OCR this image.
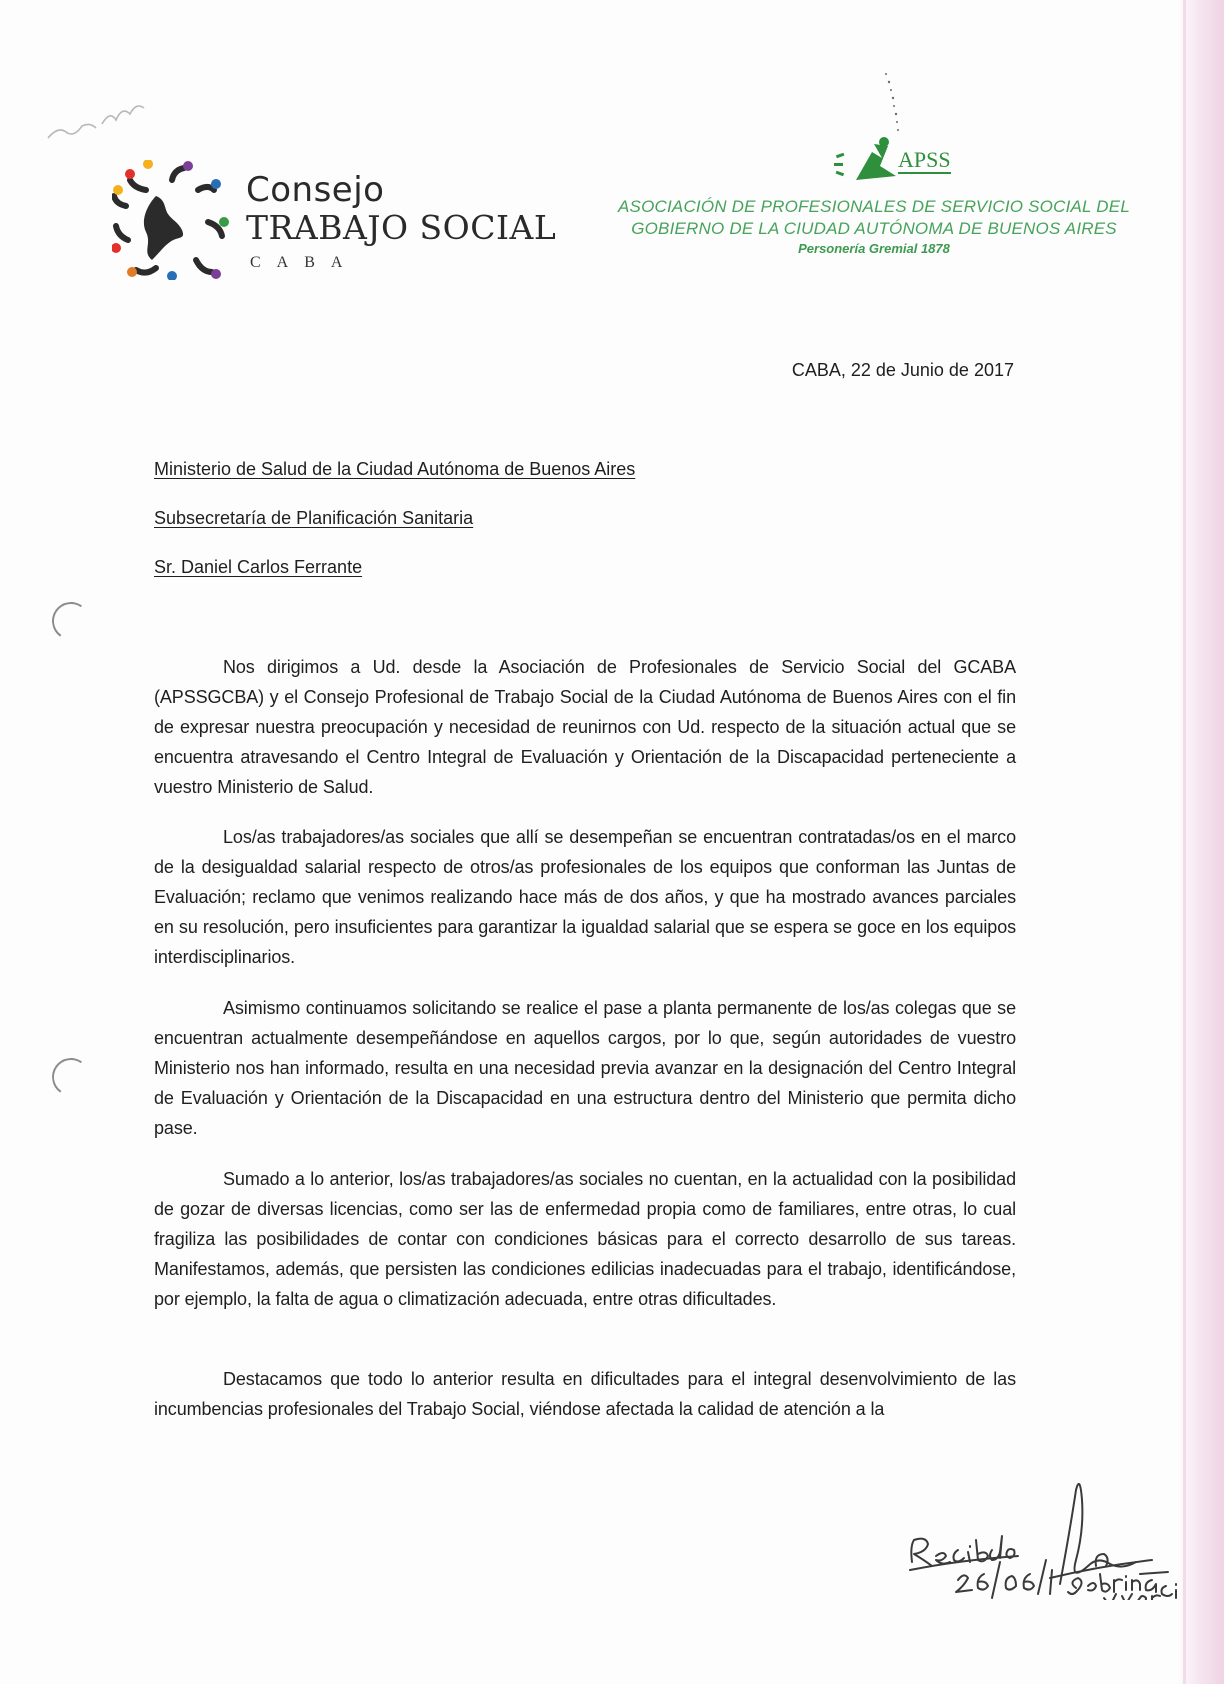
Consejo
TRABAJO SOCIAL
CABA
APSS
ASOCIACIÓN DE PROFESIONALES DE SERVICIO SOCIAL DEL
GOBIERNO DE LA CIUDAD AUTÓNOMA DE BUENOS AIRES
Personería Gremial 1878
CABA, 22 de Junio de 2017
Ministerio de Salud de la Ciudad Autónoma de Buenos Aires
Subsecretaría de Planificación Sanitaria
Sr. Daniel Carlos Ferrante

Nos dirigimos a Ud. desde la Asociación de Profesionales de Servicio Social del GCABA (APSSGCBA) y el Consejo Profesional de Trabajo Social de la Ciudad Autónoma de Buenos Aires con el fin de expresar nuestra preocupación y necesidad de reunirnos con Ud. respecto de la situación actual que se encuentra atravesando el Centro Integral de Evaluación y Orientación de la Discapacidad perteneciente a vuestro Ministerio de Salud.

Los/as trabajadores/as sociales que allí se desempeñan se encuentran contratadas/os en el marco de la desigualdad salarial respecto de otros/as profesionales de los equipos que conforman las Juntas de Evaluación; reclamo que venimos realizando hace más de dos años, y que ha mostrado avances parciales en su resolución, pero insuficientes para garantizar la igualdad salarial que se espera se goce en los equipos interdisciplinarios.

Asimismo continuamos solicitando se realice el pase a planta permanente de los/as colegas que se encuentran actualmente desempeñándose en aquellos cargos, por lo que, según autoridades de vuestro Ministerio nos han informado, resulta en una necesidad previa avanzar en la designación del Centro Integral de Evaluación y Orientación de la Discapacidad en una estructura dentro del Ministerio que permita dicho pase.

Sumado a lo anterior, los/as trabajadores/as sociales no cuentan, en la actualidad con la posibilidad de gozar de diversas licencias, como ser las de enfermedad propia como de familiares, entre otras, lo cual fragiliza las posibilidades de contar con condiciones básicas para el correcto desarrollo de sus tareas. Manifestamos, además, que persisten las condiciones edilicias inadecuadas para el trabajo, identificándose, por ejemplo, la falta de agua o climatización adecuada, entre otras dificultades.

Destacamos que todo lo anterior resulta en dificultades para el integral desenvolvimiento de las incumbencias profesionales del Trabajo Social, viéndose afectada la calidad de atención a la
